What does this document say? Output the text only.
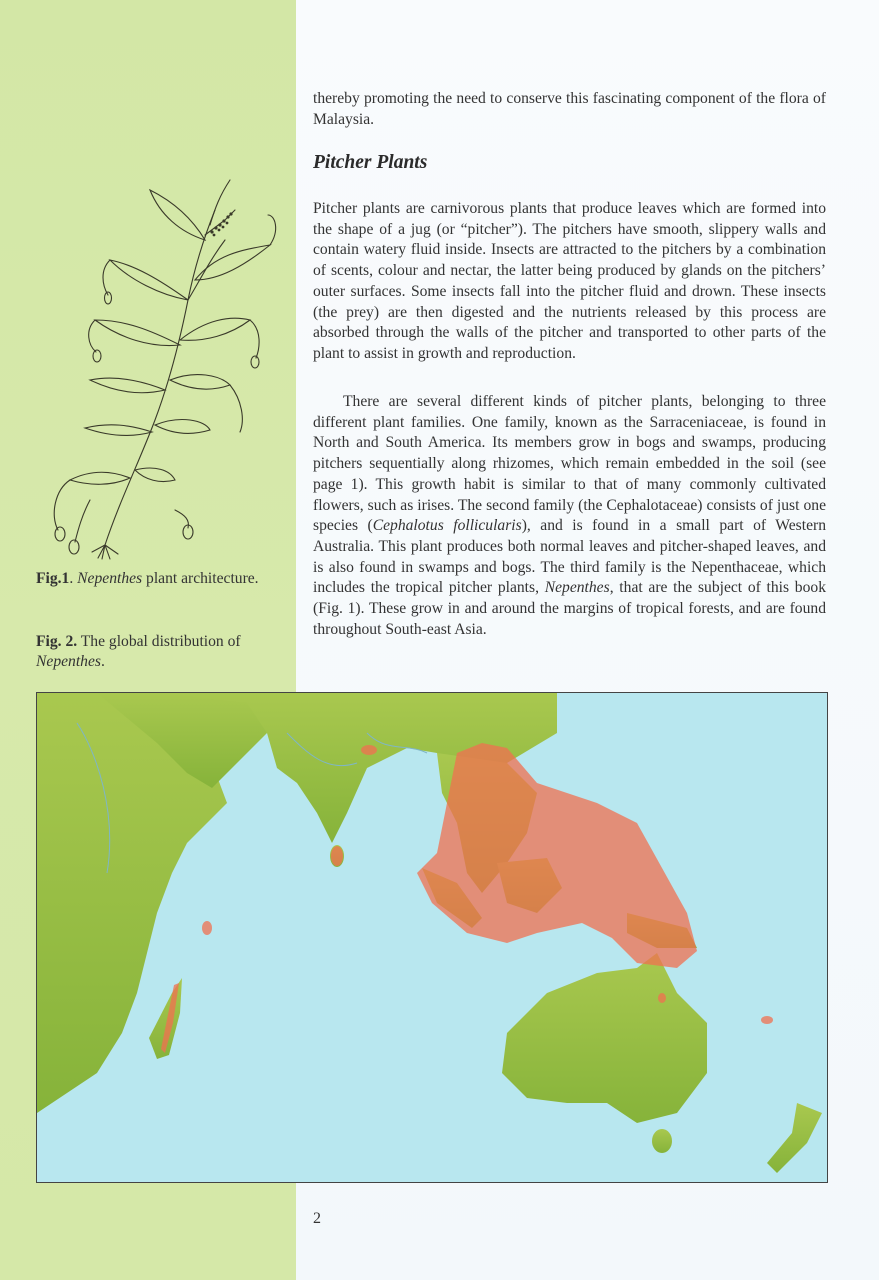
thereby promoting the need to conserve this fascinating component of the flora of Malaysia.
Pitcher Plants

Pitcher plants are carnivorous plants that produce leaves which are formed into the shape of a jug (or “pitcher”). The pitchers have smooth, slippery walls and contain watery fluid inside. Insects are attracted to the pitchers by a combination of scents, colour and nectar, the latter being produced by glands on the pitchers’ outer surfaces. Some insects fall into the pitcher fluid and drown. These insects (the prey) are then digested and the nutrients released by this process are absorbed through the walls of the pitcher and transported to other parts of the plant to assist in growth and reproduction.

There are several different kinds of pitcher plants, belonging to three different plant families. One family, known as the Sarraceniaceae, is found in North and South America. Its members grow in bogs and swamps, producing pitchers sequentially along rhizomes, which remain embedded in the soil (see page 1). This growth habit is similar to that of many commonly cultivated flowers, such as irises. The second family (the Cephalotaceae) consists of just one species (Cephalotus follicularis), and is found in a small part of Western Australia. This plant produces both normal leaves and pitcher-shaped leaves, and is also found in swamps and bogs. The third family is the Nepenthaceae, which includes the tropical pitcher plants, Nepenthes, that are the subject of this book (Fig. 1). These grow in and around the margins of tropical forests, and are found throughout South-east Asia.

Fig.1. Nepenthes plant architecture.
Fig. 2. The global distribution of Nepenthes.
2
